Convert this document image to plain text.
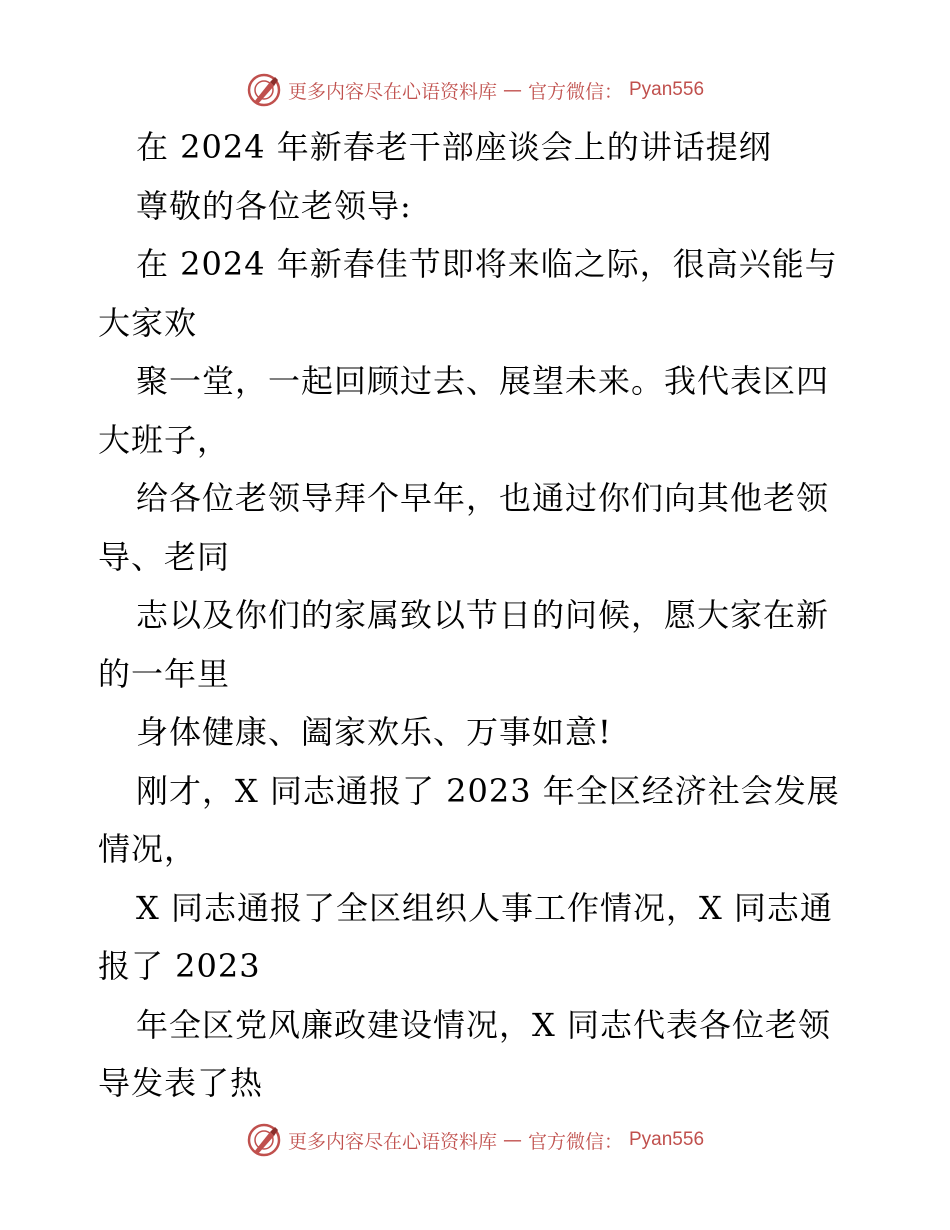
更多内容尽在心语资料库 — 官方微信： Pyan556
在 2024 年新春老干部座谈会上的讲话提纲
尊敬的各位老领导:
在 2024 年新春佳节即将来临之际，很高兴能与
大家欢
聚一堂，一起回顾过去、展望未来。我代表区四
大班子，
给各位老领导拜个早年，也通过你们向其他老领
导、老同
志以及你们的家属致以节日的问候，愿大家在新
的一年里
身体健康、阖家欢乐、万事如意!
刚才，X 同志通报了 2023 年全区经济社会发展
情况，
X 同志通报了全区组织人事工作情况，X 同志通
报了 2023
年全区党风廉政建设情况，X 同志代表各位老领
导发表了热
更多内容尽在心语资料库 — 官方微信： Pyan556
